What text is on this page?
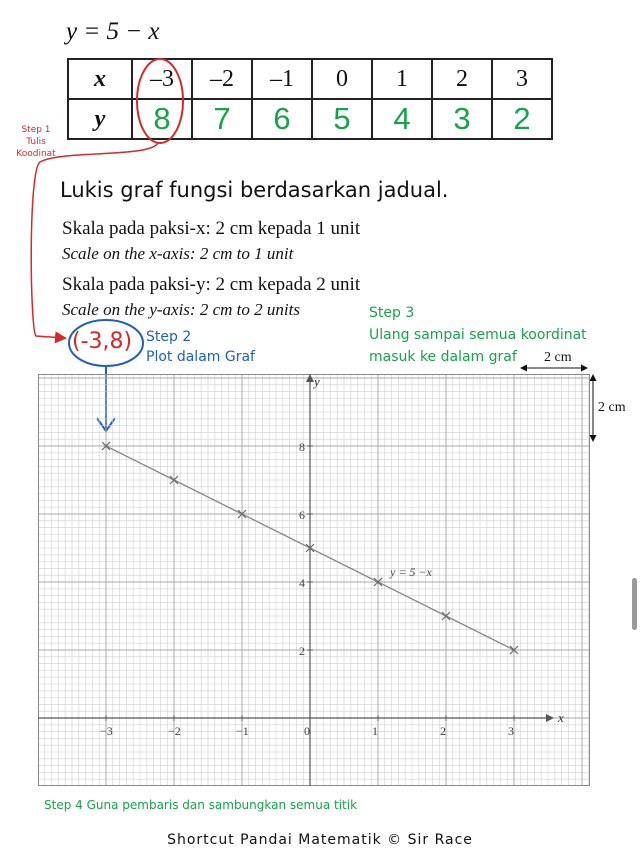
y = 5 − x
x	–3	–2	–1	0	1	2	3
y	8	7	6	5	4	3	2
Step 1
Tulis
Koodinat
Lukis graf fungsi berdasarkan jadual.
Skala pada paksi-x: 2 cm kepada 1 unit
Scale on the x-axis: 2 cm to 1 unit
Skala pada paksi-y: 2 cm kepada 2 unit
Scale on the y-axis: 2 cm to 2 units
(-3,8) Step 2
Plot dalam Graf
Step 3
Ulang sampai semua koordinat
masuk ke dalam graf	2 cm
2 cm
x
y
−3	−2	−1	0	1	2	3
8
6
4
2
y = 5 −x
Step 4 Guna pembaris dan sambungkan semua titik
Shortcut Pandai Matematik © Sir Race
